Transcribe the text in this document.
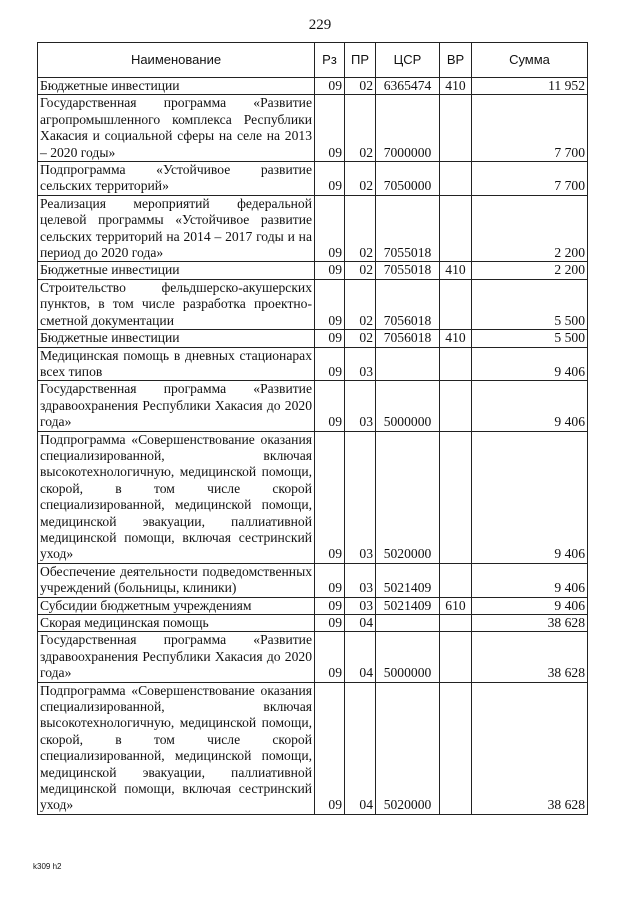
229
Наименование	Рз	ПР	ЦСР	ВР	Сумма
Бюджетные инвестиции	09	02	6365474	410	11 952
Государственная программа «Развитие агропромышленного комплекса Республики Хакасия и социальной сферы на селе на 2013 – 2020 годы»	09	02	7000000		7 700
Подпрограмма «Устойчивое развитие сельских территорий»	09	02	7050000		7 700
Реализация мероприятий федеральной целевой программы «Устойчивое развитие сельских территорий на 2014 – 2017 годы и на период до 2020 года»	09	02	7055018		2 200
Бюджетные инвестиции	09	02	7055018	410	2 200
Строительство фельдшерско-акушерских пунктов, в том числе разработка проектно-сметной документации	09	02	7056018		5 500
Бюджетные инвестиции	09	02	7056018	410	5 500
Медицинская помощь в дневных стационарах всех типов	09	03			9 406
Государственная программа «Развитие здравоохранения Республики Хакасия до 2020 года»	09	03	5000000		9 406
Подпрограмма «Совершенствование оказания специализированной, включая высокотехнологичную, медицинской помощи, скорой, в том числе скорой специализированной, медицинской помощи, медицинской эвакуации, паллиативной медицинской помощи, включая сестринский уход»	09	03	5020000		9 406
Обеспечение деятельности подведомственных учреждений (больницы, клиники)	09	03	5021409		9 406
Субсидии бюджетным учреждениям	09	03	5021409	610	9 406
Скорая медицинская помощь	09	04			38 628
Государственная программа «Развитие здравоохранения Республики Хакасия до 2020 года»	09	04	5000000		38 628
Подпрограмма «Совершенствование оказания специализированной, включая высокотехнологичную, медицинской помощи, скорой, в том числе скорой специализированной, медицинской помощи, медицинской эвакуации, паллиативной медицинской помощи, включая сестринский уход»	09	04	5020000		38 628
k309 h2
